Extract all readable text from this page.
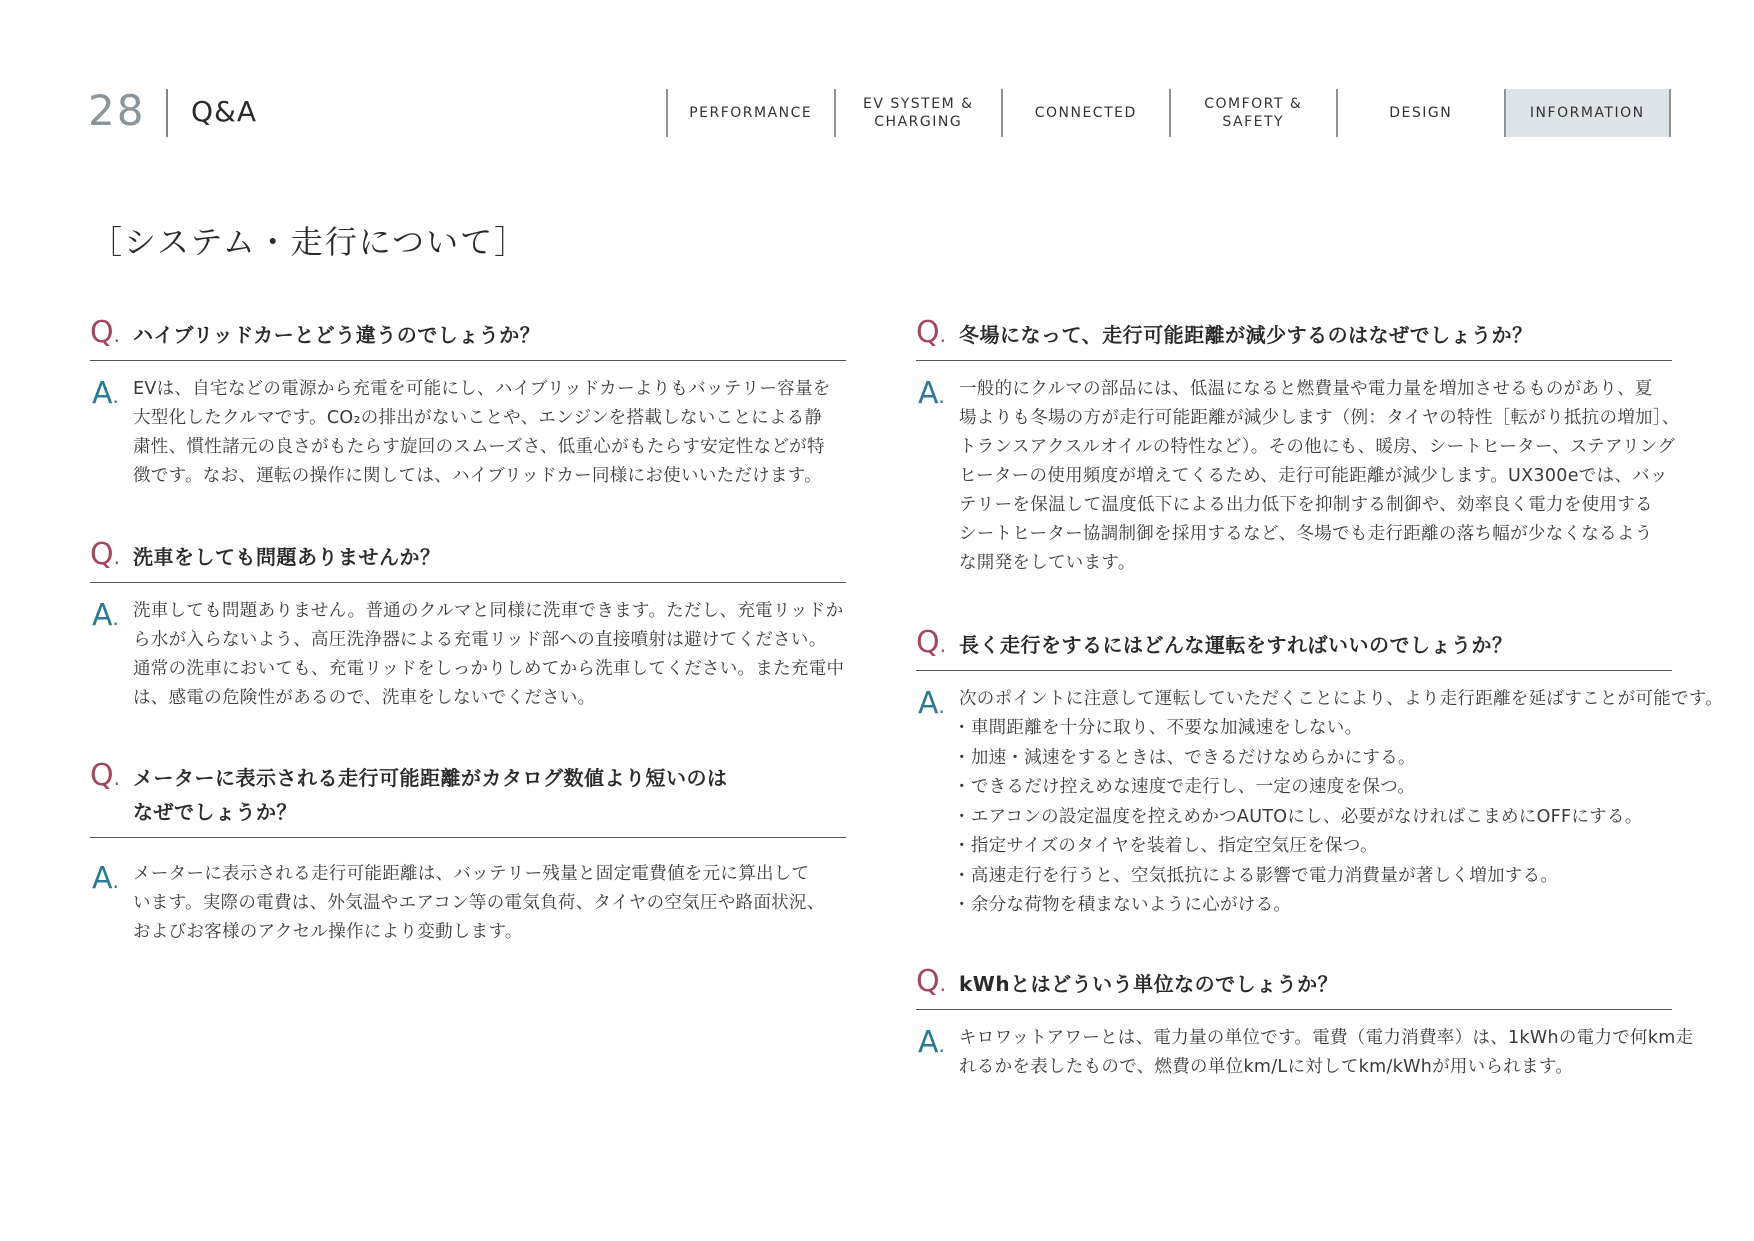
28 Q&A	PERFORMANCE
EV SYSTEM &
CHARGING
CONNECTED
COMFORT &
SAFETY
DESIGN	INFORMATION
［システム・走行について］
Q. ハイブリッドカーとどう違うのでしょうか？
A. EVは、自宅などの電源から充電を可能にし、ハイブリッドカーよりもバッテリー容量を
大型化したクルマです。CO₂の排出がないことや、エンジンを搭載しないことによる静
粛性、慣性諸元の良さがもたらす旋回のスムーズさ、低重心がもたらす安定性などが特
徴です。なお、運転の操作に関しては、ハイブリッドカー同様にお使いいただけます。
Q. 洗車をしても問題ありませんか？
A. 洗車しても問題ありません。普通のクルマと同様に洗車できます。ただし、充電リッドか
ら水が入らないよう、高圧洗浄器による充電リッド部への直接噴射は避けてください。
通常の洗車においても、充電リッドをしっかりしめてから洗車してください。また充電中
は、感電の危険性があるので、洗車をしないでください。
Q. メーターに表示される走行可能距離がカタログ数値より短いのは
なぜでしょうか？
A. メーターに表示される走行可能距離は、バッテリー残量と固定電費値を元に算出して
います。実際の電費は、外気温やエアコン等の電気負荷、タイヤの空気圧や路面状況、
およびお客様のアクセル操作により変動します。
Q. 冬場になって、走行可能距離が減少するのはなぜでしょうか？
A. 一般的にクルマの部品には、低温になると燃費量や電力量を増加させるものがあり、夏
場よりも冬場の方が走行可能距離が減少します（例：タイヤの特性［転がり抵抗の増加］、
トランスアクスルオイルの特性など）。その他にも、暖房、シートヒーター、ステアリング
ヒーターの使用頻度が増えてくるため、走行可能距離が減少します。UX300eでは、バッ
テリーを保温して温度低下による出力低下を抑制する制御や、効率良く電力を使用する
シートヒーター協調制御を採用するなど、冬場でも走行距離の落ち幅が少なくなるよう
な開発をしています。
Q. 長く走行をするにはどんな運転をすればいいのでしょうか？
A. 次のポイントに注意して運転していただくことにより、より走行距離を延ばすことが可能です。
・ 車間距離を十分に取り、不要な加減速をしない。
・ 加速・減速をするときは、できるだけなめらかにする。
・ できるだけ控えめな速度で走行し、一定の速度を保つ。
・ エアコンの設定温度を控えめかつAUTOにし、必要がなければこまめにOFFにする。
・ 指定サイズのタイヤを装着し、指定空気圧を保つ。
・ 高速走行を行うと、空気抵抗による影響で電力消費量が著しく増加する。
・ 余分な荷物を積まないように心がける。
Q. kWhとはどういう単位なのでしょうか？
A. キロワットアワーとは、電力量の単位です。電費（電力消費率）は、1kWhの電力で何km走
れるかを表したもので、燃費の単位km/Lに対してkm/kWhが用いられます。
